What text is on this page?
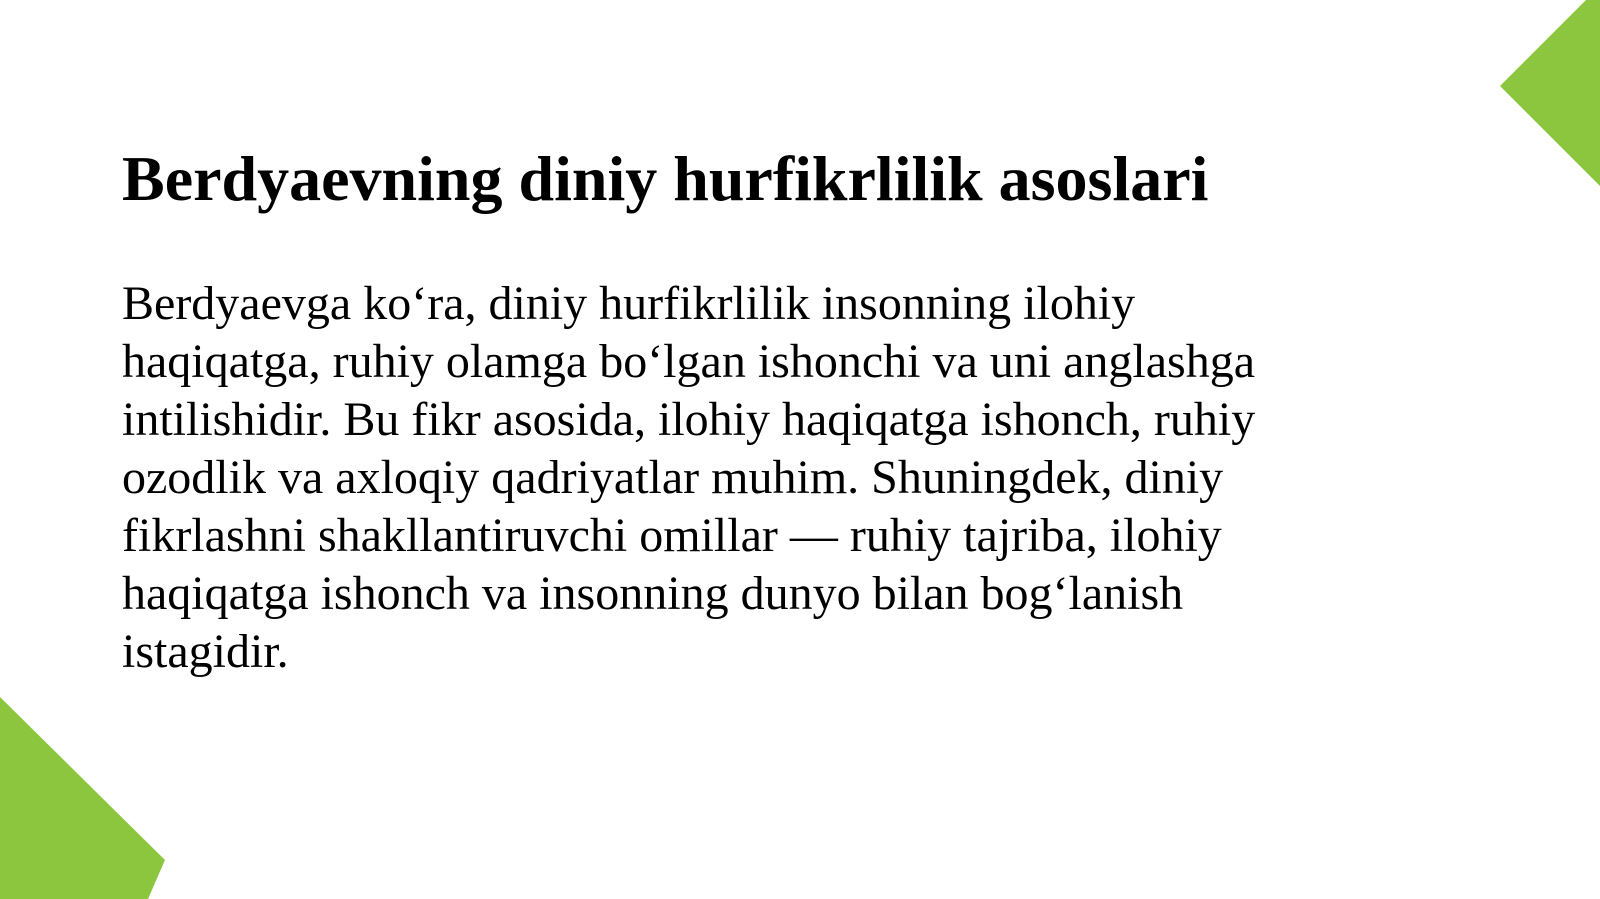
Berdyaevning diniy hurfikrlilik asoslari

Berdyaevga ko‘ra, diniy hurfikrlilik insonning ilohiy haqiqatga, ruhiy olamga bo‘lgan ishonchi va uni anglashga intilishidir. Bu fikr asosida, ilohiy haqiqatga ishonch, ruhiy ozodlik va axloqiy qadriyatlar muhim. Shuningdek, diniy fikrlashni shakllantiruvchi omillar — ruhiy tajriba, ilohiy haqiqatga ishonch va insonning dunyo bilan bog‘lanish istagidir.
